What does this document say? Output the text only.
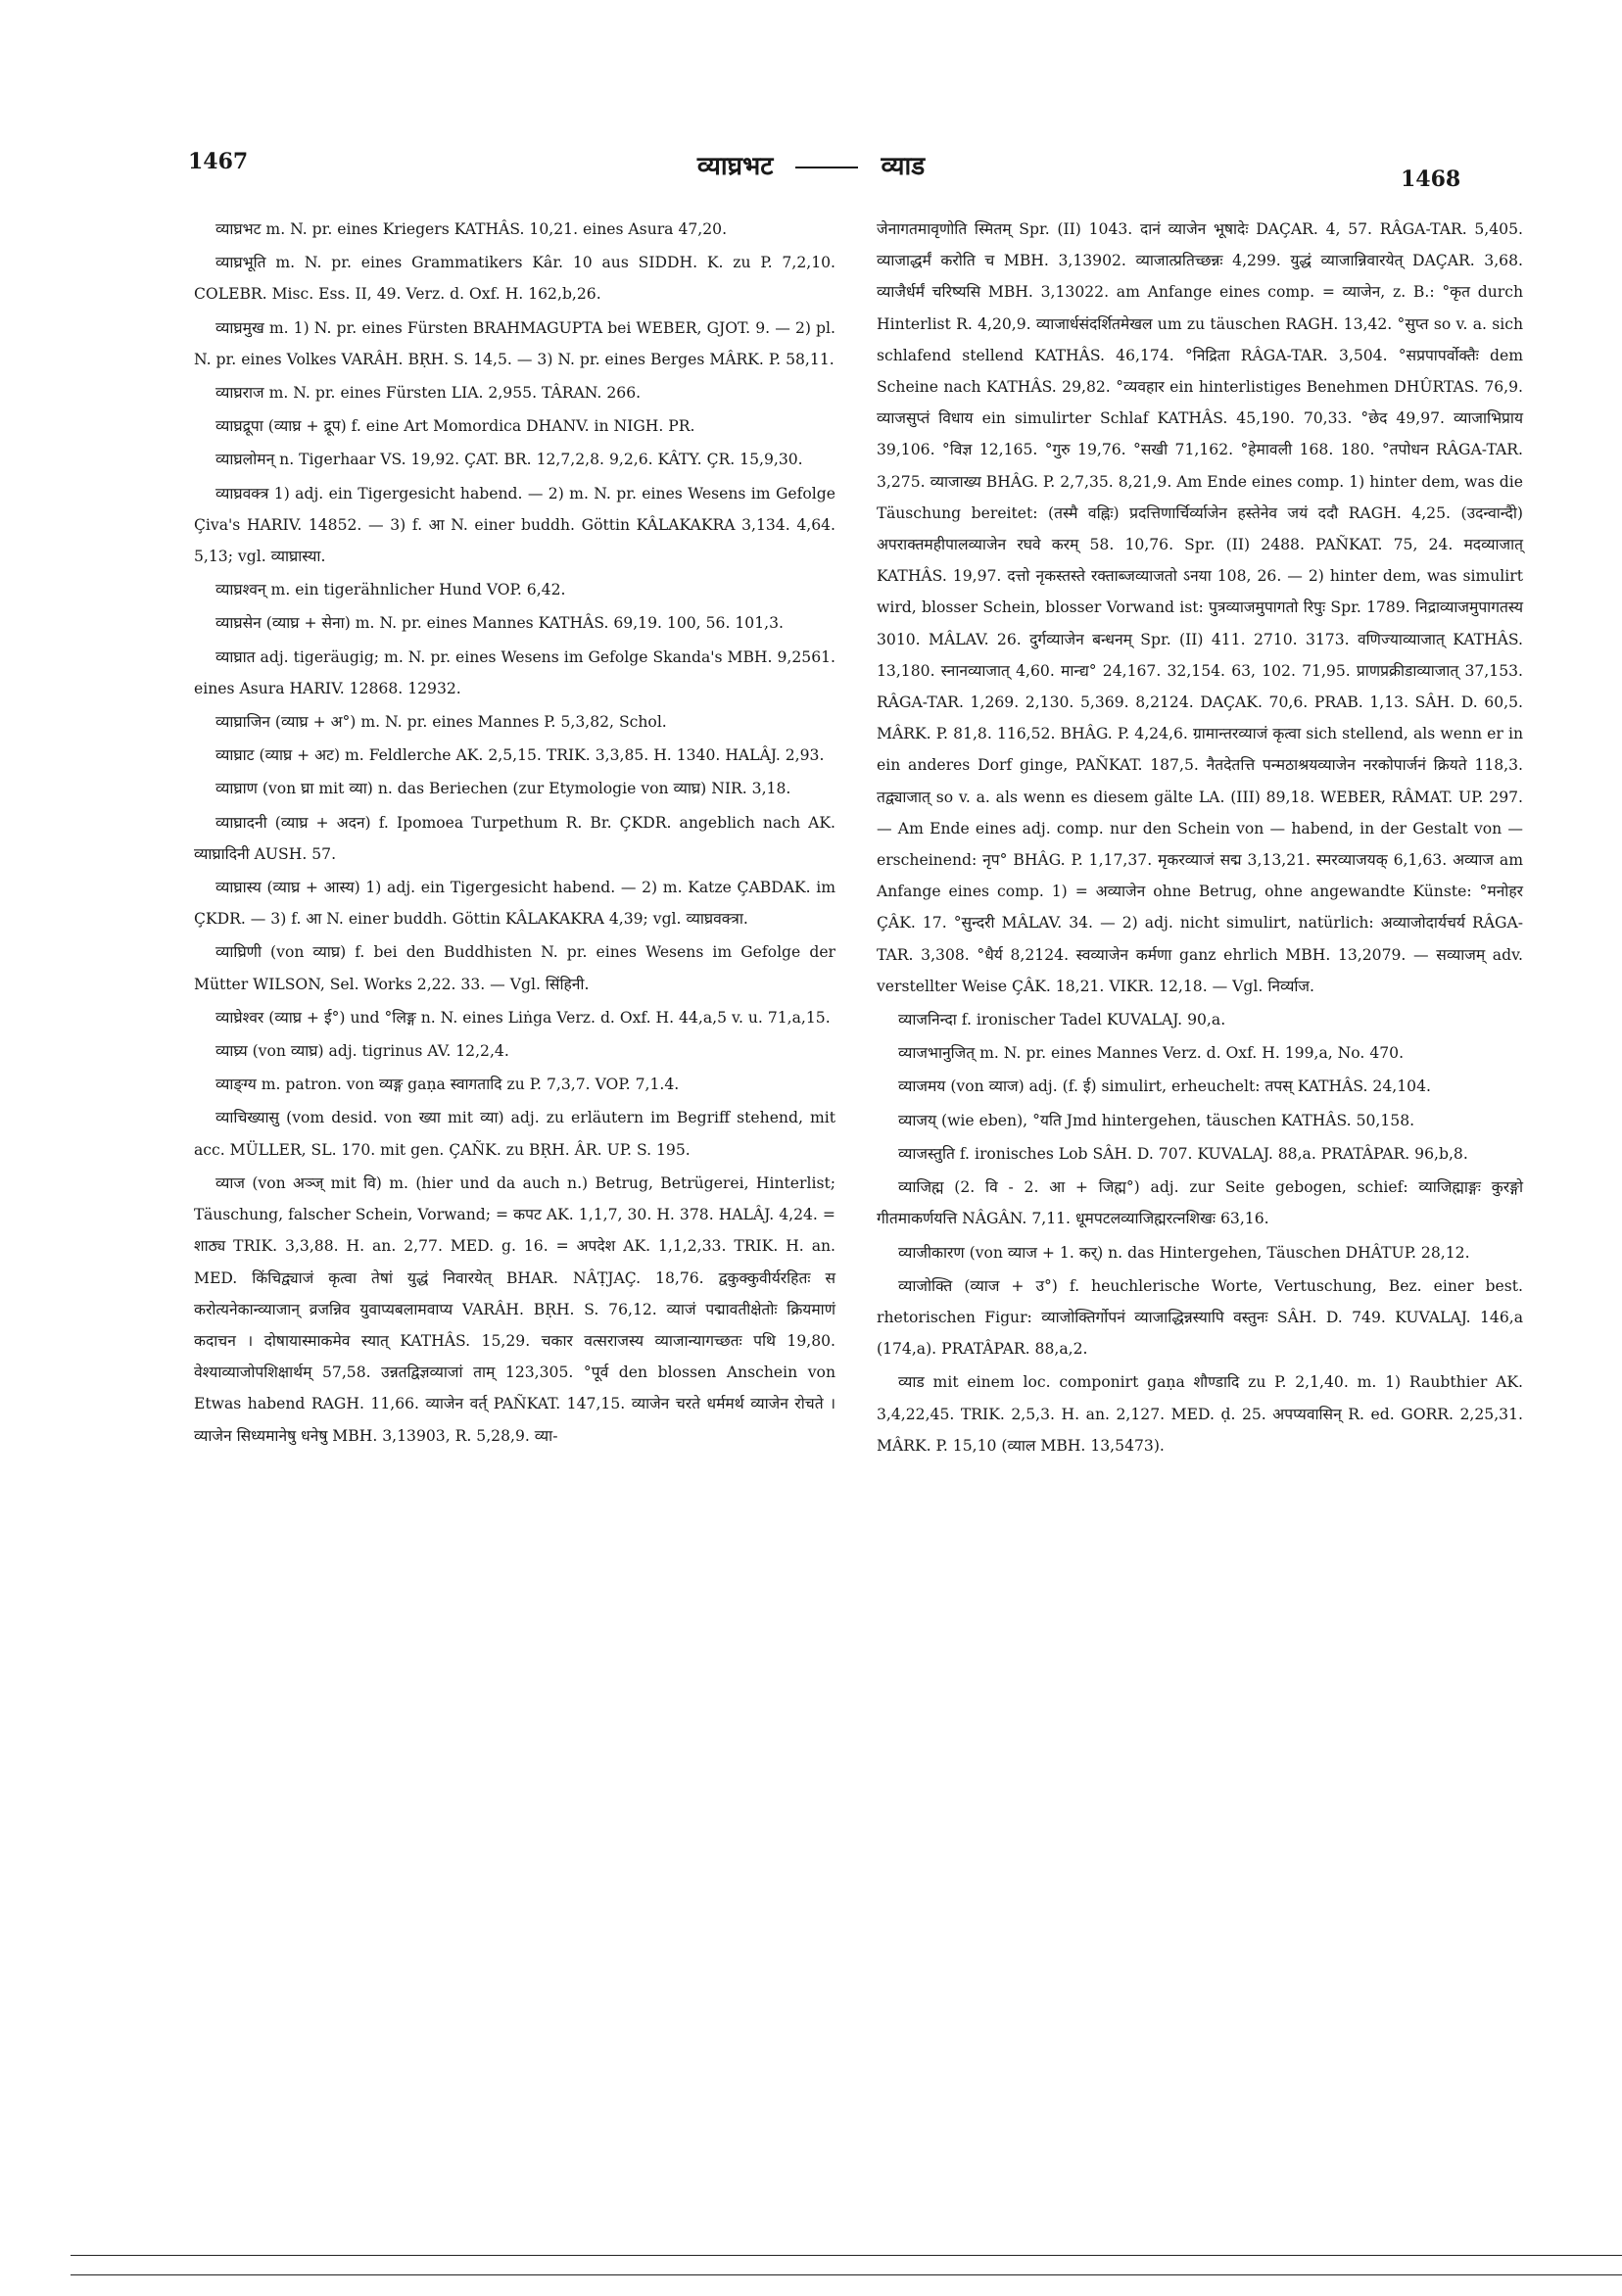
1467	व्याघ्रभट	व्याड	1468

व्याघ्रभट m. N. pr. eines Kriegers KATHÂS. 10,21. eines Asura 47,20.

व्याघ्रभूति m. N. pr. eines Grammatikers Kâr. 10 aus SIDDH. K. zu P. 7,2,10. COLEBR. Misc. Ess. II, 49. Verz. d. Oxf. H. 162,b,26.

व्याघ्रमुख m. 1) N. pr. eines Fürsten BRAHMAGUPTA bei WEBER, GJOT. 9. — 2) pl. N. pr. eines Volkes VARÂH. BṚH. S. 14,5. — 3) N. pr. eines Berges MÂRK. P. 58,11.

व्याघ्रराज m. N. pr. eines Fürsten LIA. 2,955. TÂRAN. 266.

व्याघ्रद्रूपा (व्याघ्र + द्रूप) f. eine Art Momordica DHANV. in NIGH. PR.

व्याघ्रलोमन् n. Tigerhaar VS. 19,92. ÇAT. BR. 12,7,2,8. 9,2,6. KÂTY. ÇR. 15,9,30.

व्याघ्रवक्त्र 1) adj. ein Tigergesicht habend. — 2) m. N. pr. eines Wesens im Gefolge Çiva's HARIV. 14852. — 3) f. आ N. einer buddh. Göttin KÂLAKAKRA 3,134. 4,64. 5,13; vgl. व्याघ्रास्या.

व्याघ्रश्वन् m. ein tigerähnlicher Hund VOP. 6,42.

व्याघ्रसेन (व्याघ्र + सेना) m. N. pr. eines Mannes KATHÂS. 69,19. 100, 56. 101,3.

व्याघ्रात adj. tigeräugig; m. N. pr. eines Wesens im Gefolge Skanda's MBH. 9,2561. eines Asura HARIV. 12868. 12932.

व्याघ्राजिन (व्याघ्र + अ°) m. N. pr. eines Mannes P. 5,3,82, Schol.

व्याघ्राट (व्याघ्र + अट) m. Feldlerche AK. 2,5,15. TRIK. 3,3,85. H. 1340. HALÂJ. 2,93.

व्याघ्राण (von घ्रा mit व्या) n. das Beriechen (zur Etymologie von व्याघ्र) NIR. 3,18.

व्याघ्रादनी (व्याघ्र + अदन) f. Ipomoea Turpethum R. Br. ÇKDR. angeblich nach AK. व्याघ्रादिनी AUSH. 57.

व्याघ्रास्य (व्याघ्र + आस्य) 1) adj. ein Tigergesicht habend. — 2) m. Katze ÇABDAK. im ÇKDR. — 3) f. आ N. einer buddh. Göttin KÂLAKAKRA 4,39; vgl. व्याघ्रवक्त्रा.

व्याघ्रिणी (von व्याघ्र) f. bei den Buddhisten N. pr. eines Wesens im Gefolge der Mütter WILSON, Sel. Works 2,22. 33. — Vgl. सिंहिनी.

व्याघ्रेश्वर (व्याघ्र + ई°) und °लिङ्ग n. N. eines Liṅga Verz. d. Oxf. H. 44,a,5 v. u. 71,a,15.

व्याघ्र्य (von व्याघ्र) adj. tigrinus AV. 12,2,4.

व्याङ्ग्य m. patron. von व्यङ्ग gaṇa स्वागतादि zu P. 7,3,7. VOP. 7,1.4.

व्याचिख्यासु (vom desid. von ख्या mit व्या) adj. zu erläutern im Begriff stehend, mit acc. MÜLLER, SL. 170. mit gen. ÇAÑK. zu BṚH. ÂR. UP. S. 195.

व्याज (von अञ्ज् mit वि) m. (hier und da auch n.) Betrug, Betrügerei, Hinterlist; Täuschung, falscher Schein, Vorwand; = कपट AK. 1,1,7, 30. H. 378. HALÂJ. 4,24. = शाठ्य TRIK. 3,3,88. H. an. 2,77. MED. g. 16. = अपदेश AK. 1,1,2,33. TRIK. H. an. MED. किंचिद्व्याजं कृत्वा तेषां युद्धं निवारयेत् BHAR. NÂṬJAÇ. 18,76. द्वकुक्कुवीर्यरहितः स करोत्यनेकान्व्याजान् व्रजन्निव युवाप्यबलामवाप्य VARÂH. BṚH. S. 76,12. व्याजं पद्मावतीक्षेतोः क्रियमाणं कदाचन । दोषायास्माकमेव स्यात् KATHÂS. 15,29. चकार वत्सराजस्य व्याजान्यागच्छतः पथि 19,80. वेश्याव्याजोपशिक्षार्थम् 57,58. उन्नतद्विज्ञव्याजां ताम् 123,305. °पूर्व den blossen Anschein von Etwas habend RAGH. 11,66. व्याजेन वर्त् PAÑKAT. 147,15. व्याजेन चरते धर्ममर्थ व्याजेन रोचते । व्याजेन सिध्यमानेषु धनेषु MBH. 3,13903, R. 5,28,9. व्या-

जेनागतमावृणोति स्मितम् Spr. (II) 1043. दानं व्याजेन भूषादेः DAÇAR. 4, 57. RÂGA-TAR. 5,405. व्याजाद्धर्मं करोति च MBH. 3,13902. व्याजात्प्रतिच्छन्नः 4,299. युद्धं व्याजान्निवारयेत् DAÇAR. 3,68. व्याजैर्धर्मं चरिष्यसि MBH. 3,13022. am Anfange eines comp. = व्याजेन, z. B.: °कृत durch Hinterlist R. 4,20,9. व्याजार्धसंदर्शितमेखल um zu täuschen RAGH. 13,42. °सुप्त so v. a. sich schlafend stellend KATHÂS. 46,174. °निद्रिता RÂGA-TAR. 3,504. °सप्रपापर्वोक्तैः dem Scheine nach KATHÂS. 29,82. °व्यवहार ein hinterlistiges Benehmen DHÛRTAS. 76,9. व्याजसुप्तं विधाय ein simulirter Schlaf KATHÂS. 45,190. 70,33. °छेद 49,97. व्याजाभिप्राय 39,106. °विज्ञ 12,165. °गुरु 19,76. °सखी 71,162. °हेमावली 168. 180. °तपोधन RÂGA-TAR. 3,275. व्याजाख्य BHÂG. P. 2,7,35. 8,21,9. Am Ende eines comp. 1) hinter dem, was die Täuschung bereitet: (तस्मै वह्निः) प्रदत्तिणार्चिर्व्याजेन हस्तेनेव जयं ददौ RAGH. 4,25. (उदन्वान्दैो) अपराक्तमहीपालव्याजेन रघवे करम् 58. 10,76. Spr. (II) 2488. PAÑKAT. 75, 24. मदव्याजात् KATHÂS. 19,97. दत्तो नृकस्तस्ते रक्ताब्जव्याजतो ऽनया 108, 26. — 2) hinter dem, was simulirt wird, blosser Schein, blosser Vorwand ist: पुत्रव्याजमुपागतो रिपुः Spr. 1789. निद्राव्याजमुपागतस्य 3010. MÂLAV. 26. दुर्गव्याजेन बन्धनम् Spr. (II) 411. 2710. 3173. वणिज्याव्याजात् KATHÂS. 13,180. स्नानव्याजात् 4,60. मान्द्य° 24,167. 32,154. 63, 102. 71,95. प्राणप्रक्रीडाव्याजात् 37,153. RÂGA-TAR. 1,269. 2,130. 5,369. 8,2124. DAÇAK. 70,6. PRAB. 1,13. SÂH. D. 60,5. MÂRK. P. 81,8. 116,52. BHÂG. P. 4,24,6. ग्रामान्तरव्याजं कृत्वा sich stellend, als wenn er in ein anderes Dorf ginge, PAÑKAT. 187,5. नैतदेतत्ति पन्मठाश्रयव्याजेन नरकोपार्जनं क्रियते 118,3. तद्व्याजात् so v. a. als wenn es diesem gälte LA. (III) 89,18. WEBER, RÂMAT. UP. 297. — Am Ende eines adj. comp. nur den Schein von — habend, in der Gestalt von — erscheinend: नृप° BHÂG. P. 1,17,37. मृकरव्याजं सद्म 3,13,21. स्मरव्याजयक् 6,1,63. अव्याज am Anfange eines comp. 1) = अव्याजेन ohne Betrug, ohne angewandte Künste: °मनोहर ÇÂK. 17. °सुन्दरी MÂLAV. 34. — 2) adj. nicht simulirt, natürlich: अव्याजोदार्यचर्य RÂGA-TAR. 3,308. °धैर्य 8,2124. स्वव्याजेन कर्मणा ganz ehrlich MBH. 13,2079. — सव्याजम् adv. verstellter Weise ÇÂK. 18,21. VIKR. 12,18. — Vgl. निर्व्याज.

व्याजनिन्दा f. ironischer Tadel KUVALAJ. 90,a.

व्याजभानुजित् m. N. pr. eines Mannes Verz. d. Oxf. H. 199,a, No. 470.

व्याजमय (von व्याज) adj. (f. ई) simulirt, erheuchelt: तपस् KATHÂS. 24,104.

व्याजय् (wie eben), °यति Jmd hintergehen, täuschen KATHÂS. 50,158.

व्याजस्तुति f. ironisches Lob SÂH. D. 707. KUVALAJ. 88,a. PRATÂPAR. 96,b,8.

व्याजिह्म (2. वि - 2. आ + जिह्म°) adj. zur Seite gebogen, schief: व्याजिह्माङ्गः कुरङ्गो गीतमाकर्णयत्ति NÂGÂN. 7,11. धूमपटलव्याजिह्मरत्नशिखः 63,16.

व्याजीकारण (von व्याज + 1. कर्) n. das Hintergehen, Täuschen DHÂTUP. 28,12.

व्याजोक्ति (व्याज + उ°) f. heuchlerische Worte, Vertuschung, Bez. einer best. rhetorischen Figur: व्याजोक्तिर्गोपनं व्याजाद्धिन्नस्यापि वस्तुनः SÂH. D. 749. KUVALAJ. 146,a (174,a). PRATÂPAR. 88,a,2.

व्याड mit einem loc. componirt gaṇa शौण्डादि zu P. 2,1,40. m. 1) Raubthier AK. 3,4,22,45. TRIK. 2,5,3. H. an. 2,127. MED. ḍ. 25. अपप्यवासिन् R. ed. GORR. 2,25,31. MÂRK. P. 15,10 (व्याल MBH. 13,5473).
